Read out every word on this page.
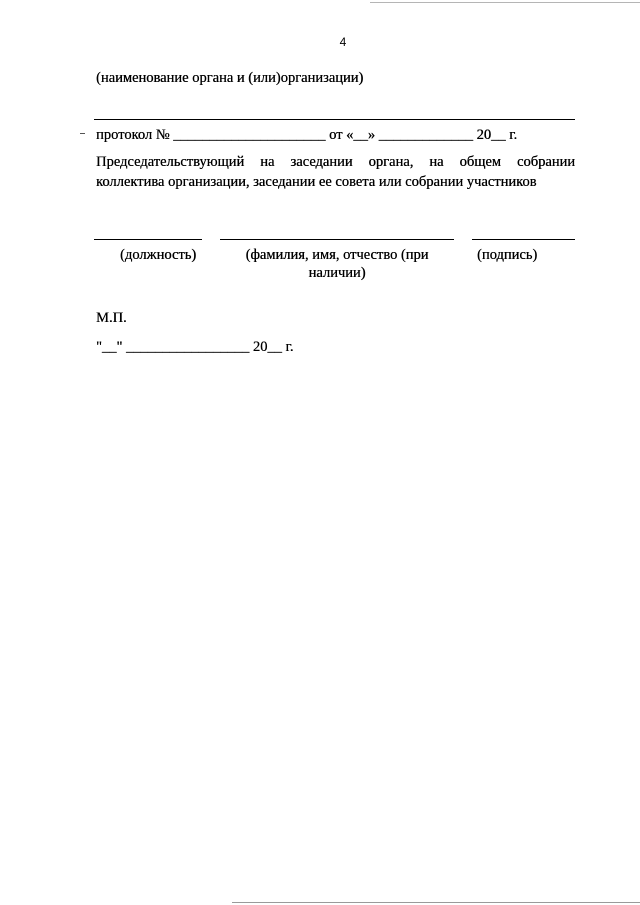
4
(наименование органа и (или)организации)
протокол № _____________________ от «__» _____________ 20__ г.
Председательствующий на заседании органа, на общем собрании
коллектива организации, заседании ее совета или собрании участников
(должность)	(фамилия, имя, отчество (при наличии)
(подпись)
М.П.
"__" _________________ 20__ г.
